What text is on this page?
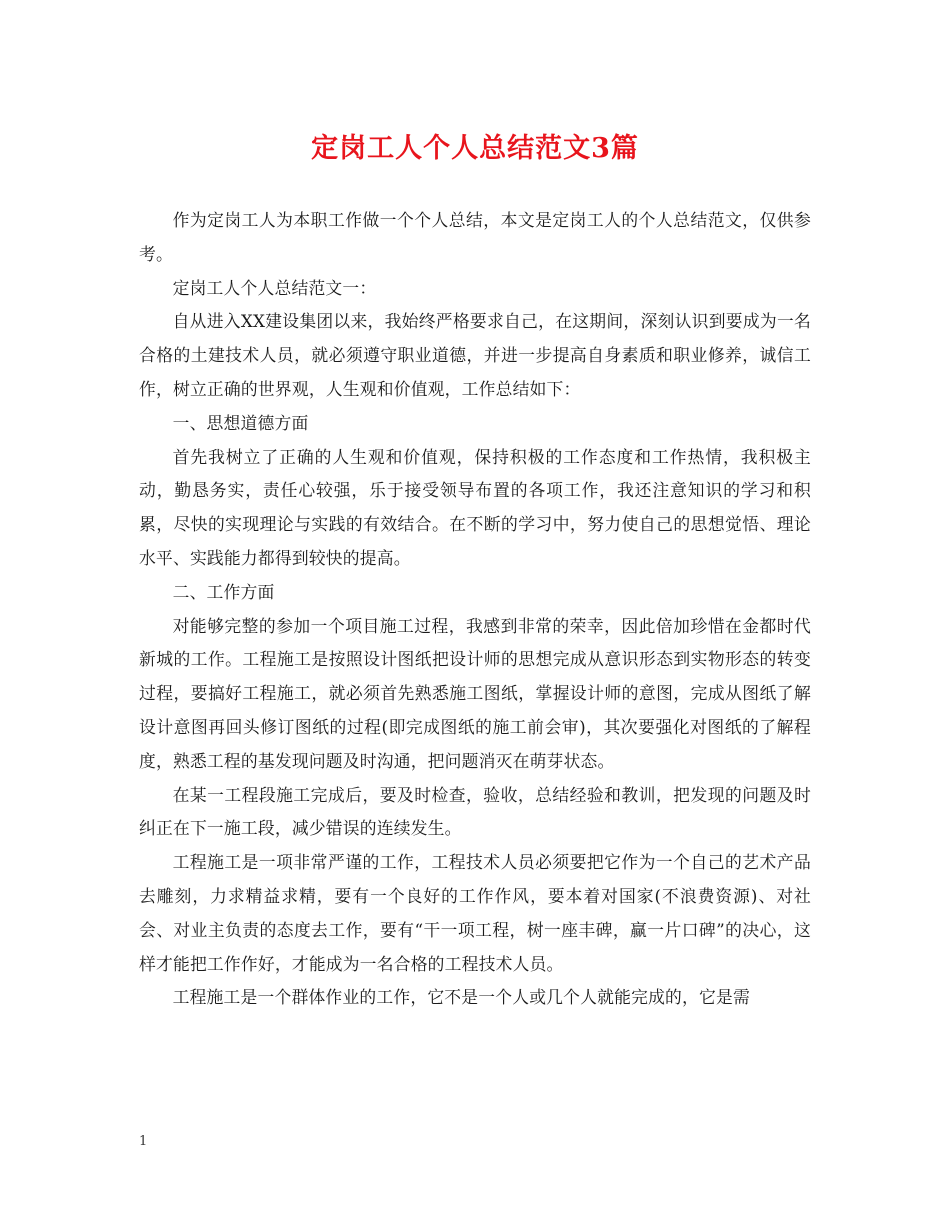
定岗工人个人总结范文3篇

作为定岗工人为本职工作做一个个人总结，本文是定岗工人的个人总结范文，仅供参考。

定岗工人个人总结范文一：

自从进入XX建设集团以来，我始终严格要求自己，在这期间，深刻认识到要成为一名合格的土建技术人员，就必须遵守职业道德，并进一步提高自身素质和职业修养，诚信工作，树立正确的世界观，人生观和价值观，工作总结如下：

一、思想道德方面

首先我树立了正确的人生观和价值观，保持积极的工作态度和工作热情，我积极主动，勤恳务实，责任心较强，乐于接受领导布置的各项工作，我还注意知识的学习和积累，尽快的实现理论与实践的有效结合。在不断的学习中，努力使自己的思想觉悟、理论水平、实践能力都得到较快的提高。

二、工作方面

对能够完整的参加一个项目施工过程，我感到非常的荣幸，因此倍加珍惜在金都时代新城的工作。工程施工是按照设计图纸把设计师的思想完成从意识形态到实物形态的转变过程，要搞好工程施工，就必须首先熟悉施工图纸，掌握设计师的意图，完成从图纸了解设计意图再回头修订图纸的过程(即完成图纸的施工前会审)，其次要强化对图纸的了解程度，熟悉工程的基发现问题及时沟通，把问题消灭在萌芽状态。

在某一工程段施工完成后，要及时检查，验收，总结经验和教训，把发现的问题及时纠正在下一施工段，减少错误的连续发生。

工程施工是一项非常严谨的工作，工程技术人员必须要把它作为一个自己的艺术产品去雕刻，力求精益求精，要有一个良好的工作作风，要本着对国家(不浪费资源)、对社会、对业主负责的态度去工作，要有“干一项工程，树一座丰碑，赢一片口碑”的决心，这样才能把工作作好，才能成为一名合格的工程技术人员。

工程施工是一个群体作业的工作，它不是一个人或几个人就能完成的，它是需

1
